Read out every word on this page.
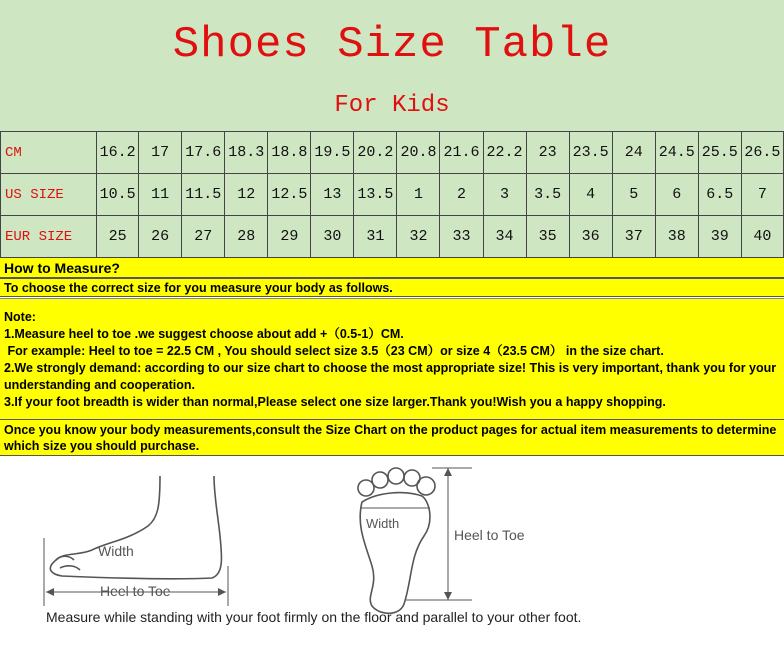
Shoes Size Table
For Kids
CM	16.2	17	17.6	18.3	18.8	19.5	20.2	20.8	21.6	22.2	23	23.5	24	24.5	25.5	26.5
US SIZE	10.5	11	11.5	12	12.5	13	13.5	1	2	3	3.5	4	5	6	6.5	7
EUR SIZE	25	26	27	28	29	30	31	32	33	34	35	36	37	38	39	40
How to Measure?
To choose the correct size for you measure your body as follows.
Note:
1.Measure heel to toe .we suggest choose about add +（0.5-1）CM.
For example: Heel to toe = 22.5 CM , You should select size 3.5（23 CM）or size 4（23.5 CM） in the size chart.
2.We strongly demand: according to our size chart to choose the most appropriate size! This is very important, thank you for your understanding and cooperation.
3.If your foot breadth is wider than normal,Please select one size larger.Thank you!Wish you a happy shopping.
Once you know your body measurements,consult the Size Chart on the product pages for actual item measurements to determine which size you should purchase.
Width
Heel to Toe
Width
Heel to Toe
Measure while standing with your foot firmly on the floor and parallel to your other foot.
